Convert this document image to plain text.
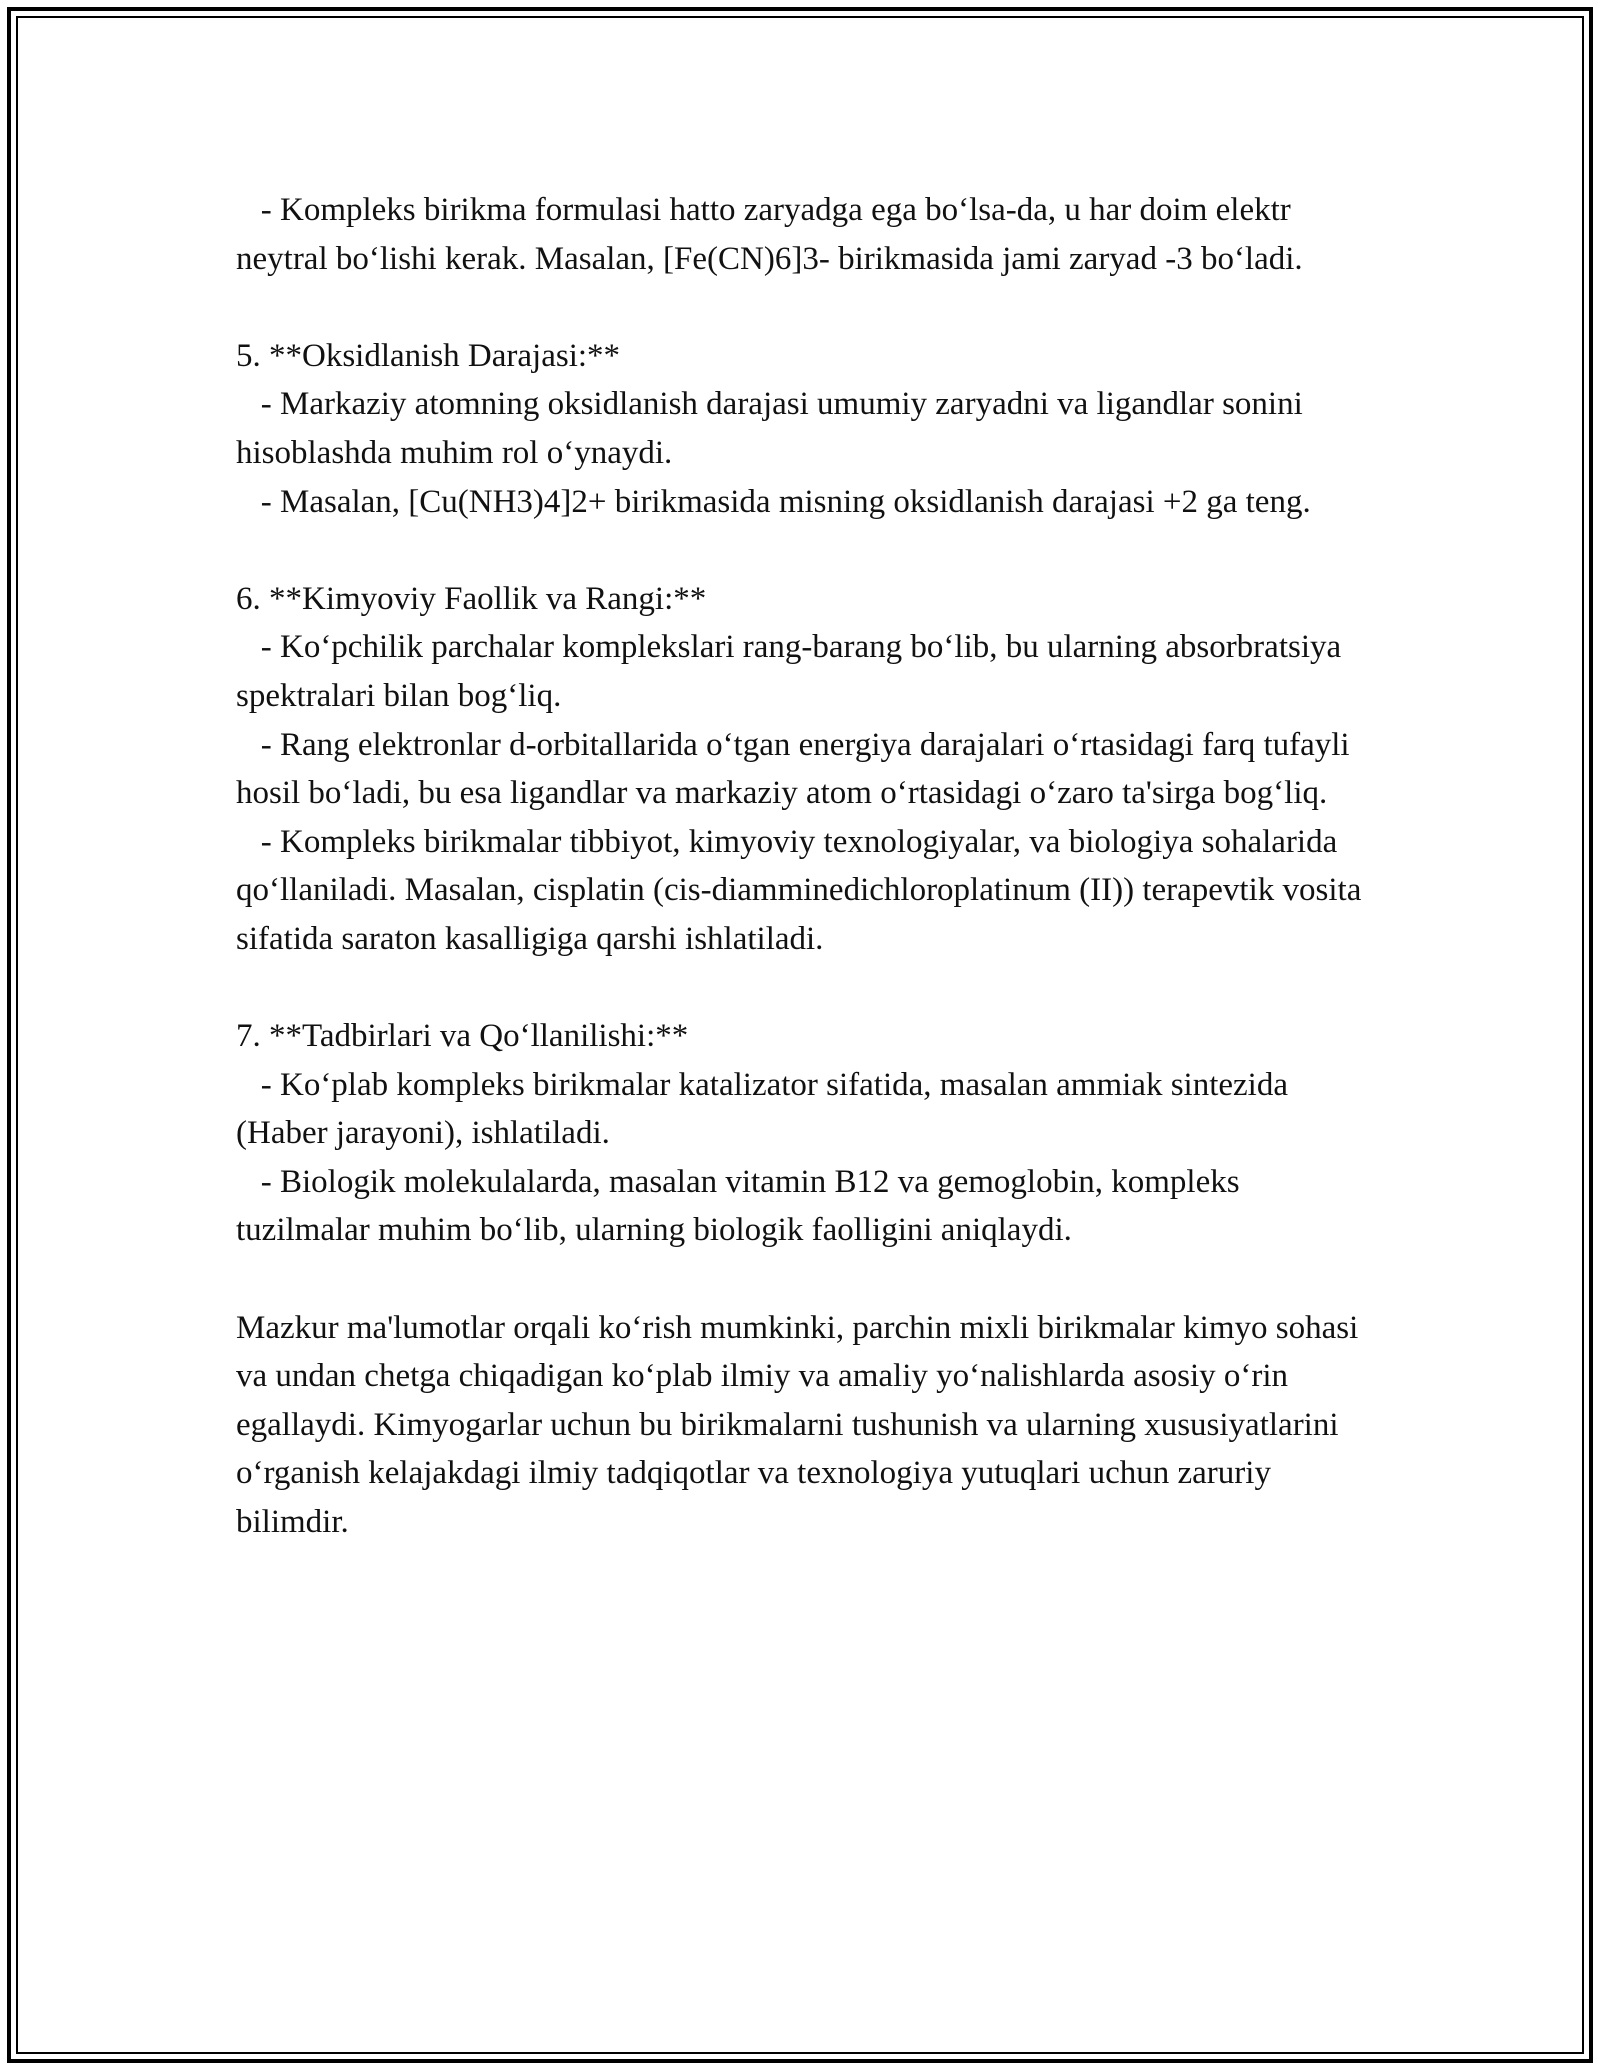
- Kompleks birikma formulasi hatto zaryadga ega bo‘lsa-da, u har doim elektr neytral bo‘lishi kerak. Masalan, [Fe(CN)6]3- birikmasida jami zaryad -3 bo‘ladi.

5. **Oksidlanish Darajasi:**

- Markaziy atomning oksidlanish darajasi umumiy zaryadni va ligandlar sonini hisoblashda muhim rol o‘ynaydi.

- Masalan, [Cu(NH3)4]2+ birikmasida misning oksidlanish darajasi +2 ga teng.

6. **Kimyoviy Faollik va Rangi:**

- Ko‘pchilik parchalar komplekslari rang-barang bo‘lib, bu ularning absorbratsiya spektralari bilan bog‘liq.

- Rang elektronlar d-orbitallarida o‘tgan energiya darajalari o‘rtasidagi farq tufayli hosil bo‘ladi, bu esa ligandlar va markaziy atom o‘rtasidagi o‘zaro ta'sirga bog‘liq.

- Kompleks birikmalar tibbiyot, kimyoviy texnologiyalar, va biologiya sohalarida qo‘llaniladi. Masalan, cisplatin (cis-diamminedichloroplatinum (II)) terapevtik vosita sifatida saraton kasalligiga qarshi ishlatiladi.

7. **Tadbirlari va Qo‘llanilishi:**

- Ko‘plab kompleks birikmalar katalizator sifatida, masalan ammiak sintezida (Haber jarayoni), ishlatiladi.

- Biologik molekulalarda, masalan vitamin B12 va gemoglobin, kompleks tuzilmalar muhim bo‘lib, ularning biologik faolligini aniqlaydi.

Mazkur ma'lumotlar orqali ko‘rish mumkinki, parchin mixli birikmalar kimyo sohasi va undan chetga chiqadigan ko‘plab ilmiy va amaliy yo‘nalishlarda asosiy o‘rin egallaydi. Kimyogarlar uchun bu birikmalarni tushunish va ularning xususiyatlarini o‘rganish kelajakdagi ilmiy tadqiqotlar va texnologiya yutuqlari uchun zaruriy bilimdir.
